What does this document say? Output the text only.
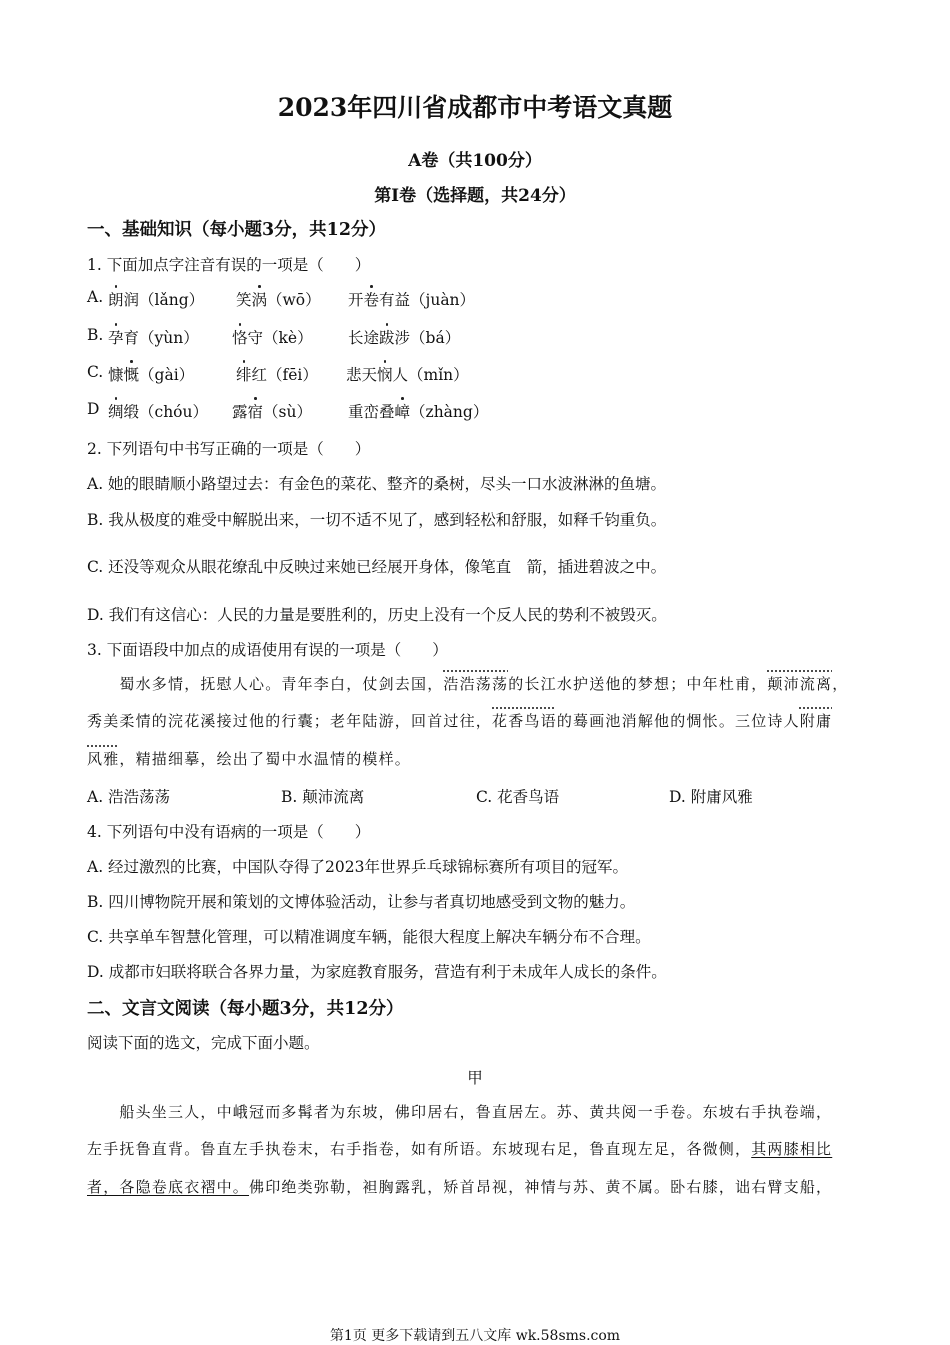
2023年四川省成都市中考语文真题
A卷（共100分）
第Ⅰ卷（选择题，共24分）
一、基础知识（每小题3分，共12分）
1. 下面加点字注音有误的一项是（　　）
A. 朗润（lǎng） 笑涡（wō） 开卷有益（juàn）
B. 孕育（yùn） 恪守（kè） 长途跋涉（bá）
C. 慷慨（gài）	绯红（fēi） 悲天悯人（mǐn）
D 绸缎（chóu） 露宿（sù） 重峦叠嶂（zhàng）
2. 下列语句中书写正确的一项是（　　）
A. 她的眼睛顺小路望过去：有金色的菜花、整齐的桑树，尽头一口水波淋淋的鱼塘。
B. 我从极度的难受中解脱出来，一切不适不见了，感到轻松和舒服，如释千钧重负。
C. 还没等观众从眼花缭乱中反映过来她已经展开身体，像笔直　箭，插进碧波之中。
D. 我们有这信心：人民的力量是要胜利的，历史上没有一个反人民的势利不被毁灭。
3. 下面语段中加点的成语使用有误的一项是（　　）
　　蜀水多情，抚慰人心。青年李白，仗剑去国，浩浩荡荡的长江水护送他的梦想；中年杜甫，颠沛流离，
秀美柔情的浣花溪接过他的行囊；老年陆游，回首过往，花香鸟语的蓦画池消解他的惆怅。三位诗人附庸
风雅，精描细摹，绘出了蜀中水温情的模样。
A. 浩浩荡荡	B. 颠沛流离	C. 花香鸟语	D. 附庸风雅
4. 下列语句中没有语病的一项是（　　）
A. 经过激烈的比赛，中国队夺得了2023年世界乒乓球锦标赛所有项目的冠军。
B. 四川博物院开展和策划的文博体验活动，让参与者真切地感受到文物的魅力。
C. 共享单车智慧化管理，可以精准调度车辆，能很大程度上解决车辆分布不合理。
D. 成都市妇联将联合各界力量，为家庭教育服务，营造有利于未成年人成长的条件。
二、文言文阅读（每小题3分，共12分）
阅读下面的选文，完成下面小题。
甲
　　船头坐三人，中峨冠而多髯者为东坡，佛印居右，鲁直居左。苏、黄共阅一手卷。东坡右手执卷端，
左手抚鲁直背。鲁直左手执卷末，右手指卷，如有所语。东坡现右足，鲁直现左足，各微侧，其两膝相比
者，各隐卷底衣褶中。佛印绝类弥勒，袒胸露乳，矫首昂视，神情与苏、黄不属。卧右膝，诎右臂支船，
第1页 更多下载请到五八文库 wk.58sms.com
